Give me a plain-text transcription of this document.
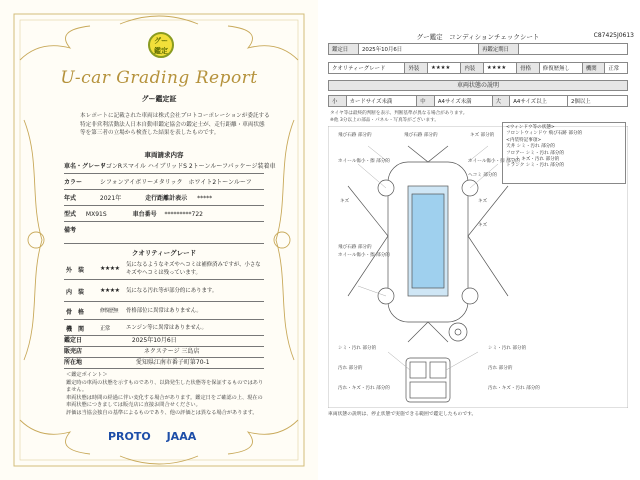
グー
鑑定
U-car Grading Report
グー鑑定証
本レポートに記載された車両は株式会社プロトコーポレーションが委託する特定非営利活動法人日本自動車鑑定協会の鑑定士が、走行距離・車両状態等を第三者の立場から検査した結果を表したものです。
車両請求内容
車名・グレード ワゴンRスマイル ハイブリッドS 2トーンルーフパッケージ装着車
カラー	シフォンアイボリーメタリック　ホワイト2トーンルーフ
年式	2021年	走行距離計表示 *****
型式 MX91S	車台番号 *********722
備考
クオリティーグレード
外　装	★★★★ 気になるようなキズやヘコミは補修済みですが、小さなキズやヘコミは残っています。
内　装	★★★★ 気になる汚れ等が部分的にあります。
骨　格	修復歴無 骨格部位に異常はありません。
機　関	正常	エンジン等に異常はありません。
鑑定日	2025年10月6日
販売店	ネクステージ 三島店
所在地	愛知県江南市番子町第70-1
＜鑑定ポイント＞
鑑定時の車両の状態を示すものであり、以降発生した状態等を保証するものではありません。
車両状態は時間の経過に伴い変化する場合があります。鑑定日をご確認の上、現在の車両状態につきましては販売店に直接お問合せください。
評価は当協会独自の基準によるものであり、他の評価とは異なる場合があります。
PROTO JAAA
グー鑑定　コンディションチェックシート	C87425J0613
鑑定日	2025年10月6日	再鑑定期日	
クオリティーグレード	外装	★★★★	内装	★★★★	骨格	修復歴無し	機関	正常
車両状態の説明
小	カードサイズ未満	中	A4サイズ未満	大	A4サイズ以上	2個以上
タイヤ等は最終的判断を表示、判断基準が異なる場合があります。
※他 3分以上の部品・パネル・写真等がございます。
飛び石跡 部分的	飛び石跡 部分的	キズ 部分的
ホイール傷小・擦 部分的	ホイール傷小・擦 部分的
ヘコミ 部分的
キズ	キズ
キズ
飛び石跡 部分的
ホイール傷小・擦 部分的
シミ・汚れ 部分的	シミ・汚れ 部分的
汚れ 部分的	汚れ 部分的
汚れ・キズ・汚れ 部分的	汚れ・キズ・汚れ 部分的
<ウィンドウ等の状態>
フロントウィンドウ 飛び石跡 部分的
<内装特記事項>
天井 シミ・汚れ 部分的
フロアー シミ・汚れ 部分的
シート キズ・汚れ 部分的
トランク シミ・汚れ 部分的
車両状態の説明は、停止状態で実施できる範囲で鑑定したものです。
